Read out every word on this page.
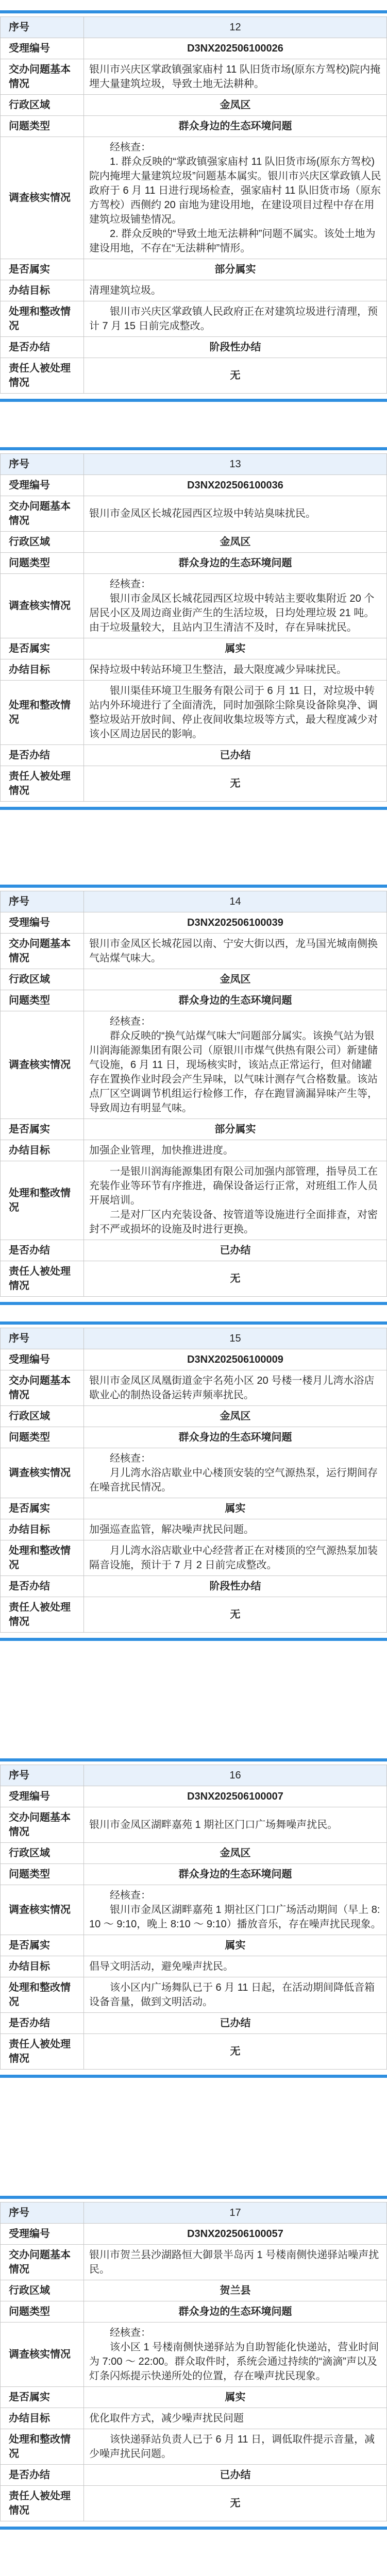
序号	12
受理编号	D3NX202506100026
交办问题基本情况	银川市兴庆区掌政镇强家庙村 11 队旧货市场(原东方驾校)院内掩埋大量建筑垃圾，导致土地无法耕种。
行政区域	金凤区
问题类型	群众身边的生态环境问题
调查核实情况	经核查：

1. 群众反映的“掌政镇强家庙村 11 队旧货市场(原东方驾校)院内掩埋大量建筑垃圾”问题基本属实。银川市兴庆区掌政镇人民政府于 6 月 11 日进行现场检查，强家庙村 11 队旧货市场（原东方驾校）西侧约 20 亩地为建设用地，在建设项目过程中存在用建筑垃圾铺垫情况。

2. 群众反映的“导致土地无法耕种”问题不属实。该处土地为建设用地，不存在“无法耕种”情形。

是否属实	部分属实
办结目标	清理建筑垃圾。
处理和整改情况	银川市兴庆区掌政镇人民政府正在对建筑垃圾进行清理，预计 7 月 15 日前完成整改。

是否办结	阶段性办结
责任人被处理情况	无
序号	13
受理编号	D3NX202506100036
交办问题基本情况	银川市金凤区长城花园西区垃圾中转站臭味扰民。
行政区域	金凤区
问题类型	群众身边的生态环境问题
调查核实情况	经核查：

银川市金凤区长城花园西区垃圾中转站主要收集附近 20 个居民小区及周边商业街产生的生活垃圾，日均处理垃圾 21 吨。由于垃圾量较大，且站内卫生清洁不及时，存在异味扰民。

是否属实	属实
办结目标	保持垃圾中转站环境卫生整洁，最大限度减少异味扰民。
处理和整改情况	银川渠佳环境卫生服务有限公司于 6 月 11 日，对垃圾中转站内外环境进行了全面清洗，同时加强除尘除臭设备除臭净、调整垃圾站开放时间、停止夜间收集垃圾等方式，最大程度减少对该小区周边居民的影响。

是否办结	已办结
责任人被处理情况	无
序号	14
受理编号	D3NX202506100039
交办问题基本情况	银川市金凤区长城花园以南、宁安大街以西，龙马国光城南侧换气站煤气味大。
行政区域	金凤区
问题类型	群众身边的生态环境问题
调查核实情况	经核查：

群众反映的“换气站煤气味大”问题部分属实。该换气站为银川润海能源集团有限公司（原银川市煤气供热有限公司）新建储气设施，6 月 11 日，现场核实时，该站点正常运行，但对储罐存在置换作业时段会产生异味，以气味计测存气合格数量。该站点厂区空调调节机组运行检修工作，存在跑冒滴漏异味产生等，导致周边有明显气味。

是否属实	部分属实
办结目标	加强企业管理，加快推进进度。
处理和整改情况	一是银川润海能源集团有限公司加强内部管理，指导员工在充装作业等环节有序推进，确保设备运行正常，对班组工作人员开展培训。

二是对厂区内充装设备、按管道等设施进行全面排查，对密封不严或损坏的设施及时进行更换。

是否办结	已办结
责任人被处理情况	无
序号	15
受理编号	D3NX202506100009
交办问题基本情况	银川市金凤区凤凰街道金宇名苑小区 20 号楼一楼月儿湾水浴店歇业心的制热设备运转声频率扰民。
行政区域	金凤区
问题类型	群众身边的生态环境问题
调查核实情况	经核查：

月儿湾水浴店歇业中心楼顶安装的空气源热泵，运行期间存在噪音扰民情况。

是否属实	属实
办结目标	加强巡查监管，解决噪声扰民问题。
处理和整改情况	月儿湾水浴店歇业中心经营者正在对楼顶的空气源热泵加装隔音设施，预计于 7 月 2 日前完成整改。

是否办结	阶段性办结
责任人被处理情况	无
序号	16
受理编号	D3NX202506100007
交办问题基本情况	银川市金凤区湖畔嘉苑 1 期社区门口广场舞噪声扰民。
行政区域	金凤区
问题类型	群众身边的生态环境问题
调查核实情况	经核查：

银川市金凤区湖畔嘉苑 1 期社区门口广场活动期间（早上 8:10 ～ 9:10，晚上 8:10 ～ 9:10）播放音乐，存在噪声扰民现象。

是否属实	属实
办结目标	倡导文明活动，避免噪声扰民。
处理和整改情况	该小区内广场舞队已于 6 月 11 日起，在活动期间降低音箱设备音量，做到文明活动。

是否办结	已办结
责任人被处理情况	无
序号	17
受理编号	D3NX202506100057
交办问题基本情况	银川市贺兰县沙湖路恒大御景半岛丙 1 号楼南侧快递驿站噪声扰民。
行政区域	贺兰县
问题类型	群众身边的生态环境问题
调查核实情况	经核查：

该小区 1 号楼南侧快递驿站为自助智能化快递站，营业时间为 7:00 ～ 22:00。群众取件时，系统会通过持续的“滴滴”声以及灯条闪烁提示快递所处的位置，存在噪声扰民现象。

是否属实	属实
办结目标	优化取件方式，减少噪声扰民问题
处理和整改情况	该快递驿站负责人已于 6 月 11 日，调低取件提示音量，减少噪声扰民问题。

是否办结	已办结
责任人被处理情况	无
